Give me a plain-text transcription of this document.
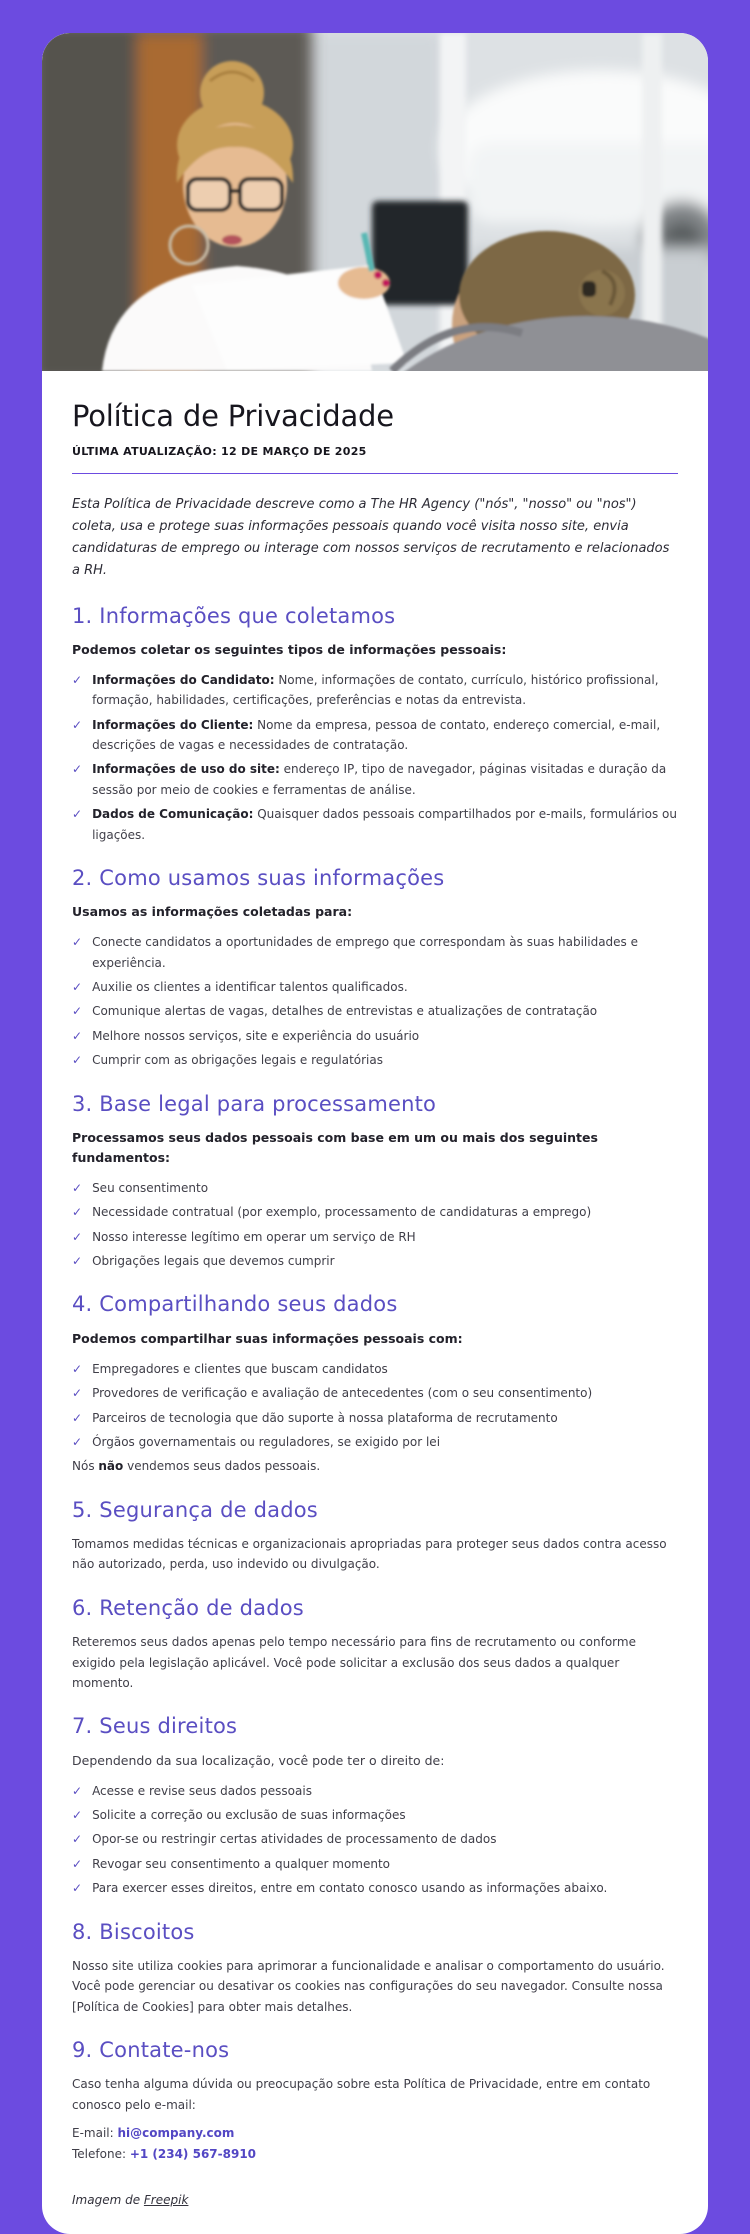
Política de Privacidade
ÚLTIMA ATUALIZAÇÃO: 12 DE MARÇO DE 2025

Esta Política de Privacidade descreve como a The HR Agency ("nós", "nosso" ou "nos") coleta, usa e protege suas informações pessoais quando você visita nosso site, envia candidaturas de emprego ou interage com nossos serviços de recrutamento e relacionados a RH.

1. Informações que coletamos

Podemos coletar os seguintes tipos de informações pessoais:

✓ Informações do Candidato: Nome, informações de contato, currículo, histórico profissional, formação, habilidades, certificações, preferências e notas da entrevista.
✓ Informações do Cliente: Nome da empresa, pessoa de contato, endereço comercial, e-mail, descrições de vagas e necessidades de contratação.
✓ Informações de uso do site: endereço IP, tipo de navegador, páginas visitadas e duração da sessão por meio de cookies e ferramentas de análise.
✓ Dados de Comunicação: Quaisquer dados pessoais compartilhados por e-mails, formulários ou ligações.
2. Como usamos suas informações

Usamos as informações coletadas para:

✓ Conecte candidatos a oportunidades de emprego que correspondam às suas habilidades e experiência.
✓ Auxilie os clientes a identificar talentos qualificados.
✓ Comunique alertas de vagas, detalhes de entrevistas e atualizações de contratação
✓ Melhore nossos serviços, site e experiência do usuário
✓ Cumprir com as obrigações legais e regulatórias
3. Base legal para processamento

Processamos seus dados pessoais com base em um ou mais dos seguintes fundamentos:

✓ Seu consentimento
✓ Necessidade contratual (por exemplo, processamento de candidaturas a emprego)
✓ Nosso interesse legítimo em operar um serviço de RH
✓ Obrigações legais que devemos cumprir
4. Compartilhando seus dados

Podemos compartilhar suas informações pessoais com:

✓ Empregadores e clientes que buscam candidatos
✓ Provedores de verificação e avaliação de antecedentes (com o seu consentimento)
✓ Parceiros de tecnologia que dão suporte à nossa plataforma de recrutamento
✓ Órgãos governamentais ou reguladores, se exigido por lei

Nós não vendemos seus dados pessoais.

5. Segurança de dados

Tomamos medidas técnicas e organizacionais apropriadas para proteger seus dados contra acesso não autorizado, perda, uso indevido ou divulgação.

6. Retenção de dados

Reteremos seus dados apenas pelo tempo necessário para fins de recrutamento ou conforme exigido pela legislação aplicável. Você pode solicitar a exclusão dos seus dados a qualquer momento.

7. Seus direitos

Dependendo da sua localização, você pode ter o direito de:

✓ Acesse e revise seus dados pessoais
✓ Solicite a correção ou exclusão de suas informações
✓ Opor-se ou restringir certas atividades de processamento de dados
✓ Revogar seu consentimento a qualquer momento
✓ Para exercer esses direitos, entre em contato conosco usando as informações abaixo.
8. Biscoitos

Nosso site utiliza cookies para aprimorar a funcionalidade e analisar o comportamento do usuário. Você pode gerenciar ou desativar os cookies nas configurações do seu navegador. Consulte nossa [Política de Cookies] para obter mais detalhes.

9. Contate-nos

Caso tenha alguma dúvida ou preocupação sobre esta Política de Privacidade, entre em contato conosco pelo e-mail:

E-mail: hi@company.com

Telefone: +1 (234) 567-8910

Imagem de Freepik
